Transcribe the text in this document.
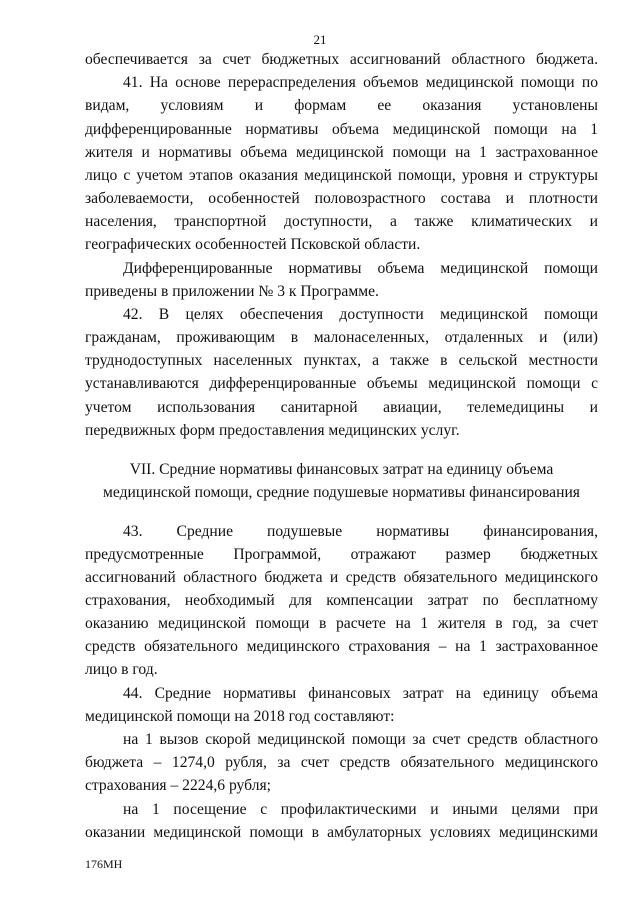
21
обеспечивается за счет бюджетных ассигнований областного бюджета.
41. На основе перераспределения объемов медицинской помощи по
видам, условиям и формам ее оказания установлены
дифференцированные нормативы объема медицинской помощи на 1
жителя и нормативы объема медицинской помощи на 1 застрахованное
лицо с учетом этапов оказания медицинской помощи, уровня и структуры
заболеваемости, особенностей половозрастного состава и плотности
населения, транспортной доступности, а также климатических и
географических особенностей Псковской области.
Дифференцированные нормативы объема медицинской помощи
приведены в приложении № 3 к Программе.
42. В целях обеспечения доступности медицинской помощи
гражданам, проживающим в малонаселенных, отдаленных и (или)
труднодоступных населенных пунктах, а также в сельской местности
устанавливаются дифференцированные объемы медицинской помощи с
учетом использования санитарной авиации, телемедицины и
передвижных форм предоставления медицинских услуг.
VII. Средние нормативы финансовых затрат на единицу объема
медицинской помощи, средние подушевые нормативы финансирования
43. Средние подушевые нормативы финансирования,
предусмотренные Программой, отражают размер бюджетных
ассигнований областного бюджета и средств обязательного медицинского
страхования, необходимый для компенсации затрат по бесплатному
оказанию медицинской помощи в расчете на 1 жителя в год, за счет
средств обязательного медицинского страхования – на 1 застрахованное
лицо в год.
44. Средние нормативы финансовых затрат на единицу объема
медицинской помощи на 2018 год составляют:
на 1 вызов скорой медицинской помощи за счет средств областного
бюджета – 1274,0 рубля, за счет средств обязательного медицинского
страхования – 2224,6 рубля;
на 1 посещение с профилактическими и иными целями при
оказании медицинской помощи в амбулаторных условиях медицинскими
176МН
